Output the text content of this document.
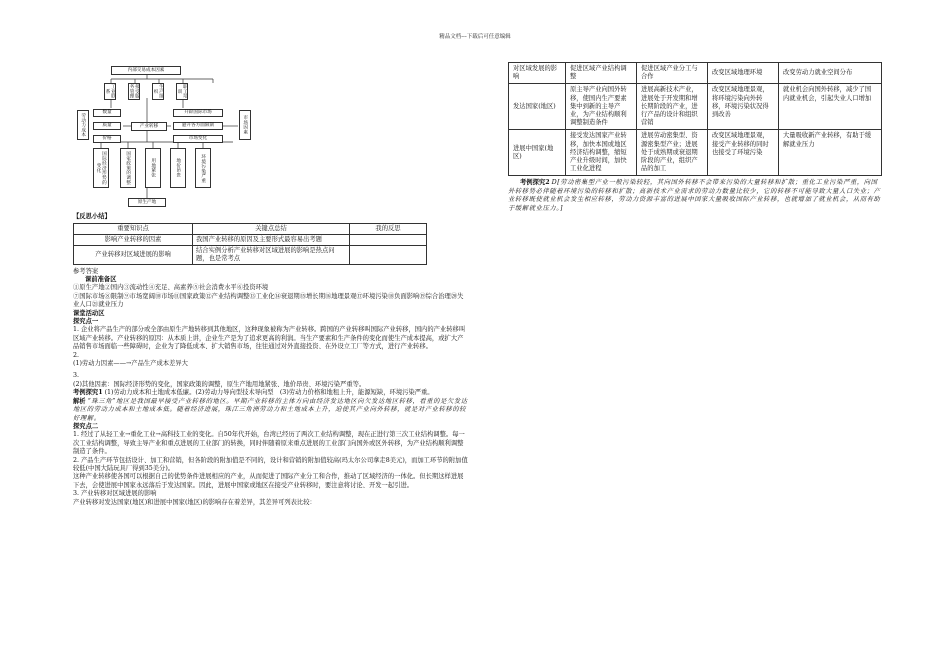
精品文档---下载后可任意编辑
内部交易成本因素
工业联系	接受服务管理	生产组织	职工培训
劳动力成本
数量
质量
价格
产业转移
开辟国际市场
避开各方面限制
市场变化
市场因素
国际经济形势的变化	国家政策的调整	用地紧张	地价昂贵	环境污染严重
原生产地

【反思小结】

重要知识点	关键点总结	我的反思
影响产业转移的因素	我国产业转移的原因及主要形式最容易出考题	
产业转移对区域进展的影响	结合实例分析产业转移对区域进展的影响是热点问题，也是常考点	

参考答案

课前准备区

①原生产地②国内③流动性④充足、高素养⑤社会消费水平⑥投资环境

⑦国际市场⑧限制⑨市场宽阔⑩市场⑪国家政策⑫产业结构调整⑬工业化⑭衰退期⑮增长期⑯地理景观⑰环境污染⑱负面影响⑲综合治理⑳失业人口㉑就业压力

课堂活动区

探究点一

1. 企业将产品生产的部分或全部由原生产地转移到其他地区，这种现象被称为产业转移。跨国的产业转移叫国际产业转移，国内的产业转移叫区域产业转移。产业转移的原因：从本质上讲，企业生产是为了追求更高的利润。当生产要素和生产条件的变化而使生产成本提高，或扩大产品销售市场面临一些障碍时，企业为了降低成本、扩大销售市场，往往通过对外直接投资、在外设立工厂等方式，进行产业转移。

2.

(1)劳动力因素——→产品生产成本差异大

3.

(2)其他因素：国际经济形势的变化，国家政策的调整，原生产地用地紧张、地价昂贵、环境污染严重等。

考例探究1 (1)劳动力成本和土地成本低廉。(2)劳动力导向型技术导向型　(3)劳动力价格和地租上升，能源短缺，环境污染严重。

解析 “珠三角”地区是我国最早接受产业转移的地区。早期产业转移的主体方向由经济发达地区向欠发达地区转移，看重的是欠发达地区的劳动力成本和土地成本低。随着经济进展，珠江三角洲劳动力和土地成本上升，迫使其产业向外转移，就是对产业转移的较好理解。

探究点二

1. 经过了从轻工业→重化工业→高科技工业的变化。自50年代开始，台湾已经历了两次工业结构调整，现在正进行第三次工业结构调整。每一次工业结构调整，导致主导产业和重点进展的工业部门的转换，同时伴随着原来重点进展的工业部门向国外或区外转移，为产业结构顺利调整制造了条件。

2. 产品生产环节包括设计、加工和营销，但各阶段的附加值是不同的，设计和营销的附加值较高(玛太尔公司拿走8美元)，而加工环节的附加值较低(中国大陆玩具厂得到35美分)。

这种产业转移使各国可以根据自己的优势条件进展相应的产业，从而促进了国际产业分工和合作，推动了区域经济的一体化。但长期这样进展下去，会使进展中国家永远落后于发达国家。因此，进展中国家或地区在接受产业转移时，要注意将讨论、开发一起引进。

3. 产业转移对区域进展的影响

产业转移对发达国家(地区)和进展中国家(地区)的影响存在着差异，其差异可列表比较：

对区域发展的影响	促进区域产业结构调整	促进区域产业分工与合作	改变区域地理环境	改变劳动力就业空间分布
发达国家(地区)	原主导产业向国外转移，使国内生产要素集中到新的主导产业，为产业结构顺利调整制造条件	进展高新技术产业，进展处于开发期和增长期阶段的产业，进行产品的设计和组织营销	改变区域地理景观，将环境污染向外转移，环境污染状况得到改善	就业机会向国外转移，减少了国内就业机会，引起失业人口增加
进展中国家(地区)	接受发达国家产业转移，加快本国或地区经济结构调整，缩短产业升级时间，加快工业化进程	进展劳动密集型、资源密集型产业；进展处于成熟期或衰退期阶段的产业，组织产品的加工	改变区域地理景观，接受产业转移的同时也接受了环境污染	大量吸收新产业转移，有助于缓解就业压力

考例探究2 D[劳动密集型产业一般污染较轻，其向国外转移不会带来污染的大量转移和扩散；重化工业污染严重，向国外转移势必伴随着环境污染的转移和扩散；高新技术产业需求的劳动力数量比较少，它的转移不可能导致大量人口失业；产业转移既使就业机会发生相应转移，劳动力资源丰富的进展中国家大量吸收国际产业转移，也就增加了就业机会，从而有助于缓解就业压力。]
